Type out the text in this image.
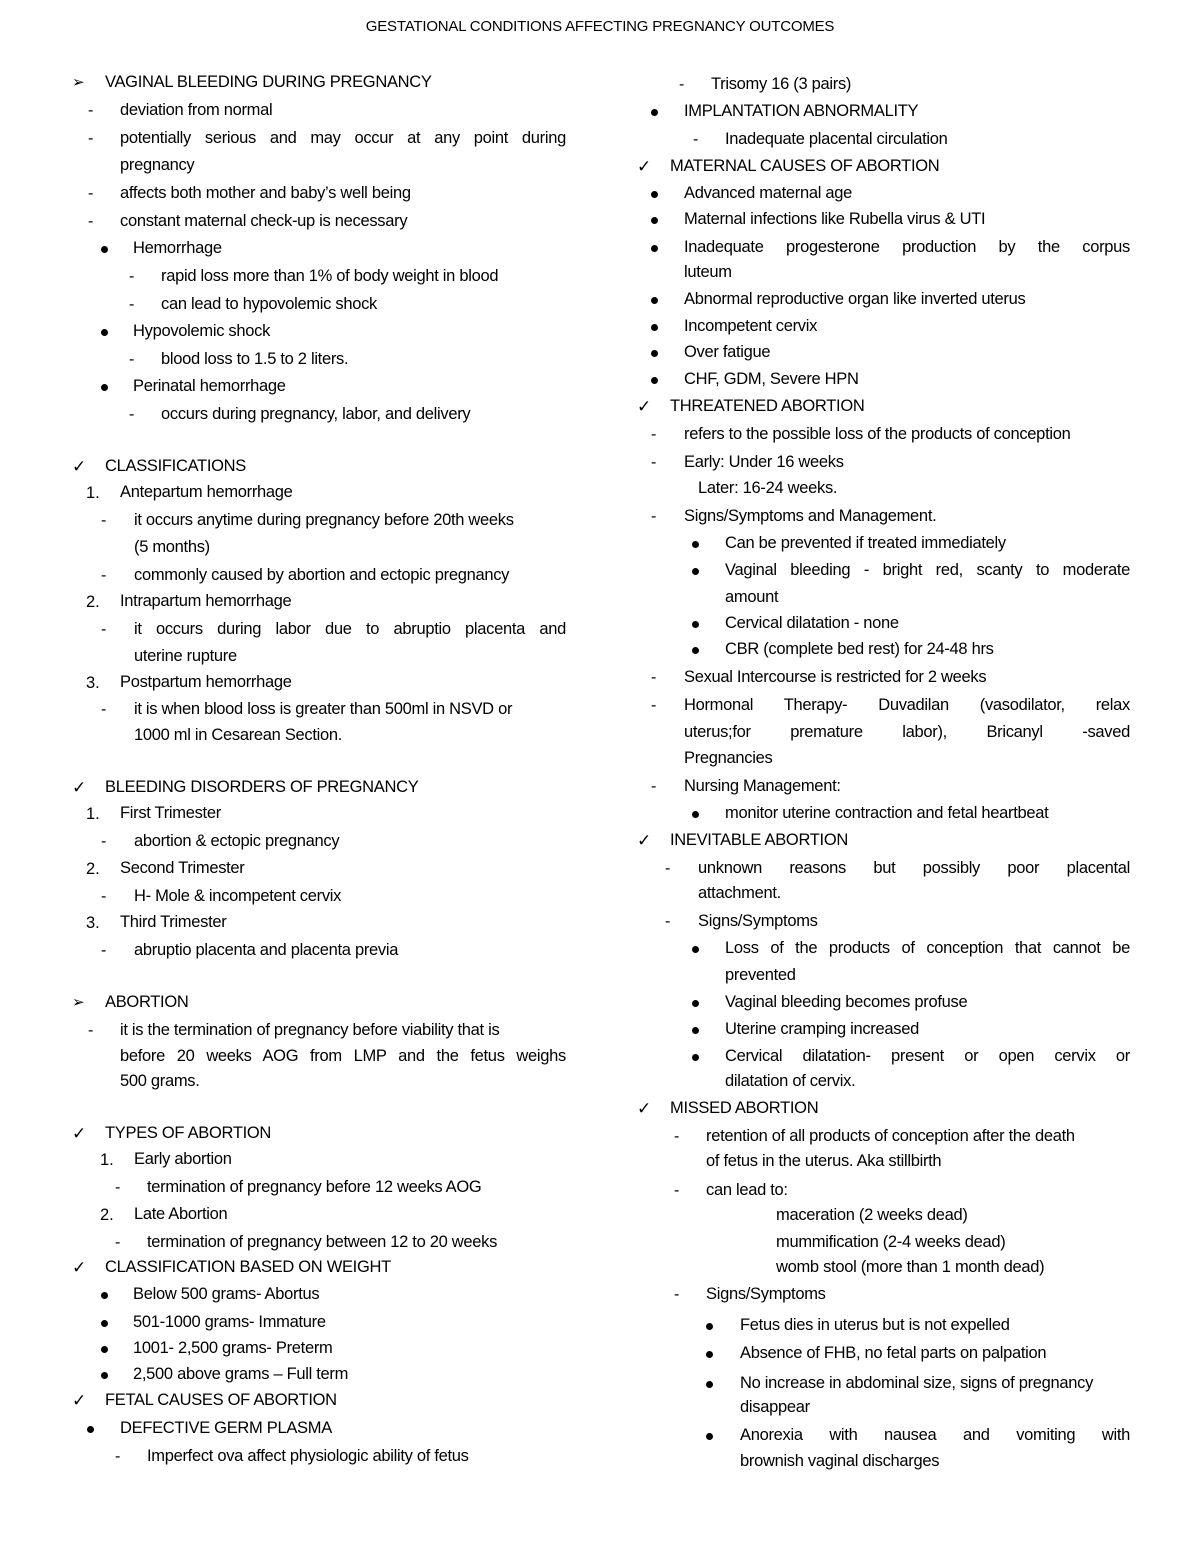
GESTATIONAL CONDITIONS AFFECTING PREGNANCY OUTCOMES
➢ VAGINAL BLEEDING DURING PREGNANCY
-
deviation from normal
-
potentially serious and may occur at any point during
pregnancy
-
affects both mother and baby’s well being
-
constant maternal check-up is necessary
Hemorrhage
-
rapid loss more than 1% of body weight in blood
-
can lead to hypovolemic shock
Hypovolemic shock
-
blood loss to 1.5 to 2 liters.
Perinatal hemorrhage
-
occurs during pregnancy, labor, and delivery
✓ CLASSIFICATIONS
1. Antepartum hemorrhage
-
it occurs anytime during pregnancy before 20th weeks
(5 months)
-
commonly caused by abortion and ectopic pregnancy
2. Intrapartum hemorrhage
-
it occurs during labor due to abruptio placenta and
uterine rupture
3. Postpartum hemorrhage
-
it is when blood loss is greater than 500ml in NSVD or
1000 ml in Cesarean Section.
✓ BLEEDING DISORDERS OF PREGNANCY
1. First Trimester
-
abortion & ectopic pregnancy
2. Second Trimester
-
H- Mole & incompetent cervix
3. Third Trimester
-
abruptio placenta and placenta previa
➢ ABORTION
-
it is the termination of pregnancy before viability that is
before 20 weeks AOG from LMP and the fetus weighs
500 grams.
✓ TYPES OF ABORTION
1. Early abortion
-
termination of pregnancy before 12 weeks AOG
2. Late Abortion
-
termination of pregnancy between 12 to 20 weeks
✓ CLASSIFICATION BASED ON WEIGHT
Below 500 grams- Abortus
501-1000 grams- Immature
1001- 2,500 grams- Preterm
2,500 above grams – Full term
✓ FETAL CAUSES OF ABORTION
DEFECTIVE GERM PLASMA
-
Imperfect ova affect physiologic ability of fetus
-
Trisomy 16 (3 pairs)
IMPLANTATION ABNORMALITY
-
Inadequate placental circulation
✓ MATERNAL CAUSES OF ABORTION
Advanced maternal age
Maternal infections like Rubella virus & UTI
Inadequate progesterone production by the corpus
luteum
Abnormal reproductive organ like inverted uterus
Incompetent cervix
Over fatigue
CHF, GDM, Severe HPN
✓ THREATENED ABORTION
-
refers to the possible loss of the products of conception
-
Early: Under 16 weeks
Later: 16-24 weeks.
-
Signs/Symptoms and Management.
Can be prevented if treated immediately
Vaginal bleeding - bright red, scanty to moderate
amount
Cervical dilatation - none
CBR (complete bed rest) for 24-48 hrs
-
Sexual Intercourse is restricted for 2 weeks
-
Hormonal Therapy- Duvadilan (vasodilator, relax
uterus;for premature labor), Bricanyl -saved
Pregnancies
-
Nursing Management:
monitor uterine contraction and fetal heartbeat
✓ INEVITABLE ABORTION
-
unknown reasons but possibly poor placental
attachment.
-
Signs/Symptoms
Loss of the products of conception that cannot be
prevented
Vaginal bleeding becomes profuse
Uterine cramping increased
Cervical dilatation- present or open cervix or
dilatation of cervix.
✓ MISSED ABORTION
-
retention of all products of conception after the death
of fetus in the uterus. Aka stillbirth
-
can lead to:
maceration (2 weeks dead)
mummification (2-4 weeks dead)
womb stool (more than 1 month dead)
-
Signs/Symptoms
Fetus dies in uterus but is not expelled
Absence of FHB, no fetal parts on palpation
No increase in abdominal size, signs of pregnancy
disappear
Anorexia with nausea and vomiting with
brownish vaginal discharges
